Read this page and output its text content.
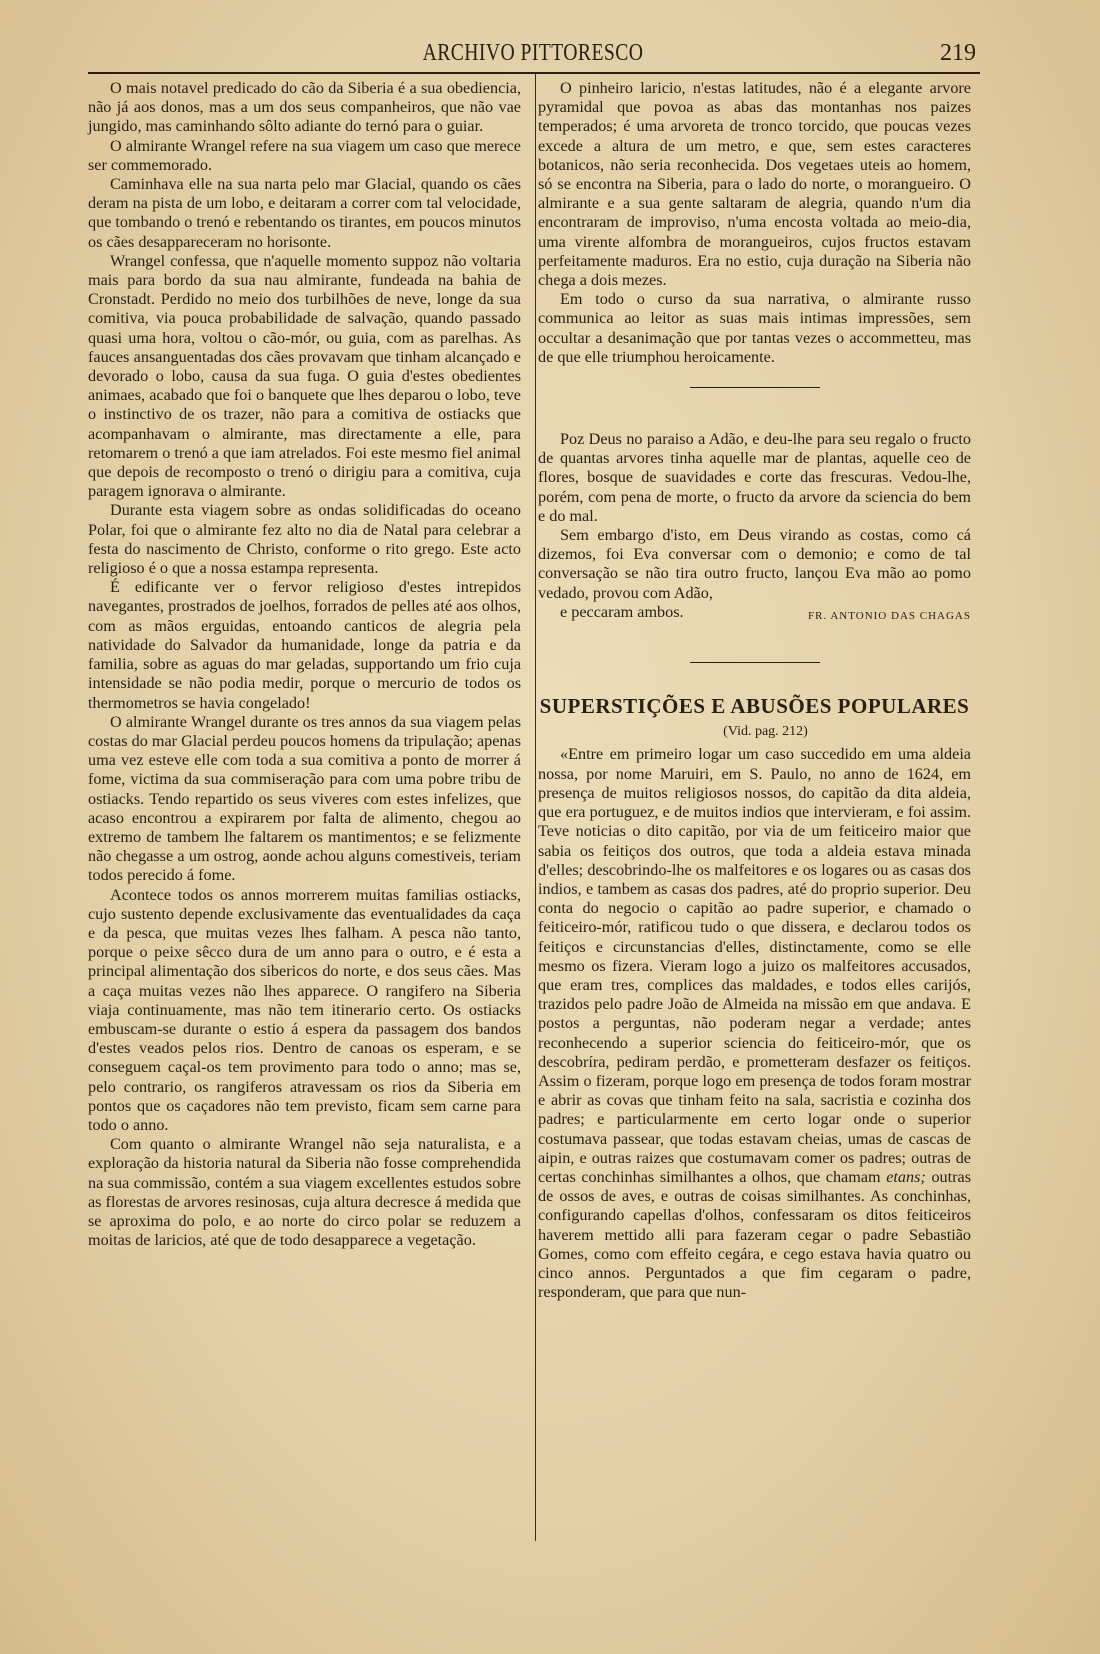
ARCHIVO PITTORESCO	219

O mais notavel predicado do cão da Siberia é a sua obediencia, não já aos donos, mas a um dos seus companheiros, que não vae jungido, mas caminhando sôlto adiante do ternó para o guiar.

O almirante Wrangel refere na sua viagem um caso que merece ser commemorado.

Caminhava elle na sua narta pelo mar Glacial, quando os cães deram na pista de um lobo, e deitaram a correr com tal velocidade, que tombando o trenó e rebentando os tirantes, em poucos minutos os cães desappareceram no horisonte.

Wrangel confessa, que n'aquelle momento suppoz não voltaria mais para bordo da sua nau almirante, fundeada na bahia de Cronstadt. Perdido no meio dos turbilhões de neve, longe da sua comitiva, via pouca probabilidade de salvação, quando passado quasi uma hora, voltou o cão-mór, ou guia, com as parelhas. As fauces ansanguentadas dos cães provavam que tinham alcançado e devorado o lobo, causa da sua fuga. O guia d'estes obedientes animaes, acabado que foi o banquete que lhes deparou o lobo, teve o instinctivo de os trazer, não para a comitiva de ostiacks que acompanhavam o almirante, mas directamente a elle, para retomarem o trenó a que iam atrelados. Foi este mesmo fiel animal que depois de recomposto o trenó o dirigiu para a comitiva, cuja paragem ignorava o almirante.

Durante esta viagem sobre as ondas solidificadas do oceano Polar, foi que o almirante fez alto no dia de Natal para celebrar a festa do nascimento de Christo, conforme o rito grego. Este acto religioso é o que a nossa estampa representa.

É edificante ver o fervor religioso d'estes intrepidos navegantes, prostrados de joelhos, forrados de pelles até aos olhos, com as mãos erguidas, entoando canticos de alegria pela natividade do Salvador da humanidade, longe da patria e da familia, sobre as aguas do mar geladas, supportando um frio cuja intensidade se não podia medir, porque o mercurio de todos os thermometros se havia congelado!

O almirante Wrangel durante os tres annos da sua viagem pelas costas do mar Glacial perdeu poucos homens da tripulação; apenas uma vez esteve elle com toda a sua comitiva a ponto de morrer á fome, victima da sua commiseração para com uma pobre tribu de ostiacks. Tendo repartido os seus viveres com estes infelizes, que acaso encontrou a expirarem por falta de alimento, chegou ao extremo de tambem lhe faltarem os mantimentos; e se felizmente não chegasse a um ostrog, aonde achou alguns comestiveis, teriam todos perecido á fome.

Acontece todos os annos morrerem muitas familias ostiacks, cujo sustento depende exclusivamente das eventualidades da caça e da pesca, que muitas vezes lhes falham. A pesca não tanto, porque o peixe sêcco dura de um anno para o outro, e é esta a principal alimentação dos sibericos do norte, e dos seus cães. Mas a caça muitas vezes não lhes apparece. O rangifero na Siberia viaja continuamente, mas não tem itinerario certo. Os ostiacks embuscam-se durante o estio á espera da passagem dos bandos d'estes veados pelos rios. Dentro de canoas os esperam, e se conseguem caçal-os tem provimento para todo o anno; mas se, pelo contrario, os rangiferos atravessam os rios da Siberia em pontos que os caçadores não tem previsto, ficam sem carne para todo o anno.

Com quanto o almirante Wrangel não seja naturalista, e a exploração da historia natural da Siberia não fosse comprehendida na sua commissão, contém a sua viagem excellentes estudos sobre as florestas de arvores resinosas, cuja altura decresce á medida que se aproxima do polo, e ao norte do circo polar se reduzem a moitas de laricios, até que de todo desapparece a vegetação.

O pinheiro laricio, n'estas latitudes, não é a elegante arvore pyramidal que povoa as abas das montanhas nos paizes temperados; é uma arvoreta de tronco torcido, que poucas vezes excede a altura de um metro, e que, sem estes caracteres botanicos, não seria reconhecida. Dos vegetaes uteis ao homem, só se encontra na Siberia, para o lado do norte, o morangueiro. O almirante e a sua gente saltaram de alegria, quando n'um dia encontraram de improviso, n'uma encosta voltada ao meio-dia, uma virente alfombra de morangueiros, cujos fructos estavam perfeitamente maduros. Era no estio, cuja duração na Siberia não chega a dois mezes.

Em todo o curso da sua narrativa, o almirante russo communica ao leitor as suas mais intimas impressões, sem occultar a desanimação que por tantas vezes o accommetteu, mas de que elle triumphou heroicamente.

Poz Deus no paraiso a Adão, e deu-lhe para seu regalo o fructo de quantas arvores tinha aquelle mar de plantas, aquelle ceo de flores, bosque de suavidades e corte das frescuras. Vedou-lhe, porém, com pena de morte, o fructo da arvore da sciencia do bem e do mal.

Sem embargo d'isto, em Deus virando as costas, como cá dizemos, foi Eva conversar com o demonio; e como de tal conversação se não tira outro fructo, lançou Eva mão ao pomo vedado, provou com Adão,

e peccaram ambos.	FR. ANTONIO DAS CHAGAS

SUPERSTIÇÕES E ABUSÕES POPULARES

(Vid. pag. 212)

«Entre em primeiro logar um caso succedido em uma aldeia nossa, por nome Maruiri, em S. Paulo, no anno de 1624, em presença de muitos religiosos nossos, do capitão da dita aldeia, que era portuguez, e de muitos indios que intervieram, e foi assim. Teve noticias o dito capitão, por via de um feiticeiro maior que sabia os feitiços dos outros, que toda a aldeia estava minada d'elles; descobrindo-lhe os malfeitores e os logares ou as casas dos indios, e tambem as casas dos padres, até do proprio superior. Deu conta do negocio o capitão ao padre superior, e chamado o feiticeiro-mór, ratificou tudo o que dissera, e declarou todos os feitiços e circunstancias d'elles, distinctamente, como se elle mesmo os fizera. Vieram logo a juizo os malfeitores accusados, que eram tres, complices das maldades, e todos elles carijós, trazidos pelo padre João de Almeida na missão em que andava. E postos a perguntas, não poderam negar a verdade; antes reconhecendo a superior sciencia do feiticeiro-mór, que os descobríra, pediram perdão, e prometteram desfazer os feitiços. Assim o fizeram, porque logo em presença de todos foram mostrar e abrir as covas que tinham feito na sala, sacristia e cozinha dos padres; e particularmente em certo logar onde o superior costumava passear, que todas estavam cheias, umas de cascas de aipin, e outras raizes que costumavam comer os padres; outras de certas conchinhas similhantes a olhos, que chamam etans; outras de ossos de aves, e outras de coisas similhantes. As conchinhas, configurando capellas d'olhos, confessaram os ditos feiticeiros haverem mettido alli para fazeram cegar o padre Sebastião Gomes, como com effeito cegára, e cego estava havia quatro ou cinco annos. Perguntados a que fim cegaram o padre, responderam, que para que nun-
